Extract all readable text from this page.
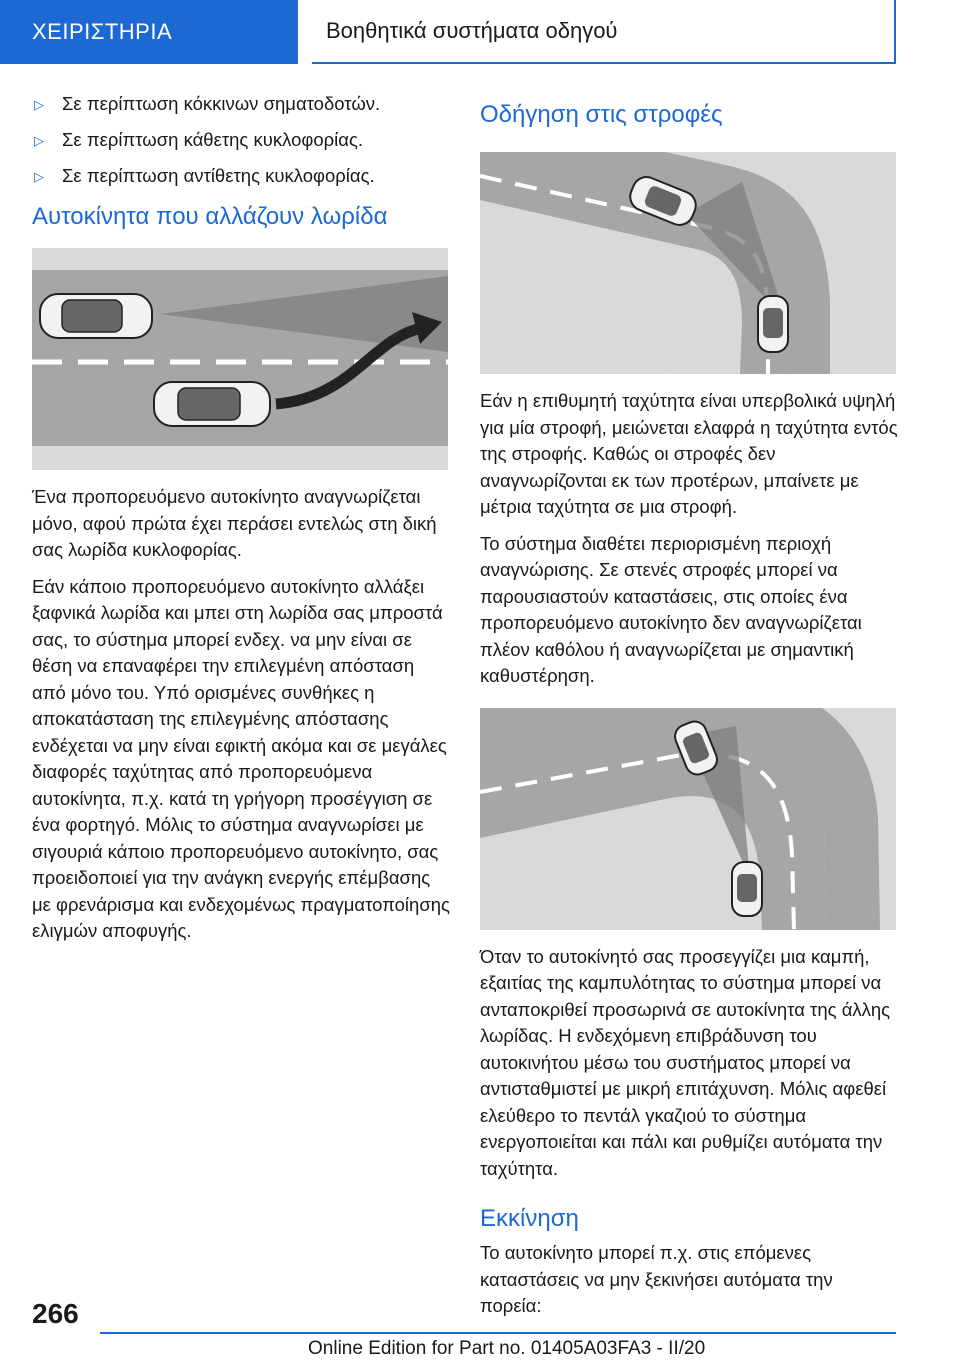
ΧΕΙΡΙΣΤΗΡΙΑ	Βοηθητικά συστήματα οδηγού
▷ Σε περίπτωση κόκκινων σηματοδοτών.
▷ Σε περίπτωση κάθετης κυκλοφορίας.
▷ Σε περίπτωση αντίθετης κυκλοφορίας.
Αυτοκίνητα που αλλάζουν λωρίδα

Ένα προπορευόμενο αυτοκίνητο αναγνωρίζεται μόνο, αφού πρώτα έχει περάσει εντελώς στη δική σας λωρίδα κυκλοφορίας.

Εάν κάποιο προπορευόμενο αυτοκίνητο αλλάξει ξαφνικά λωρίδα και μπει στη λωρίδα σας μπροστά σας, το σύστημα μπορεί ενδεχ. να μην είναι σε θέση να επαναφέρει την επιλεγμένη απόσταση από μόνο του. Υπό ορισμένες συνθήκες η αποκατάσταση της επιλεγμένης απόστασης ενδέχεται να μην είναι εφικτή ακόμα και σε μεγάλες διαφορές ταχύτητας από προπορευόμενα αυτοκίνητα, π.χ. κατά τη γρήγορη προσέγγιση σε ένα φορτηγό. Μόλις το σύστημα αναγνωρίσει με σιγουριά κάποιο προπορευόμενο αυτοκίνητο, σας προειδοποιεί για την ανάγκη ενεργής επέμβασης με φρενάρισμα και ενδεχομένως πραγματοποίησης ελιγμών αποφυγής.

Οδήγηση στις στροφές

Εάν η επιθυμητή ταχύτητα είναι υπερβολικά υψηλή για μία στροφή, μειώνεται ελαφρά η ταχύτητα εντός της στροφής. Καθώς οι στροφές δεν αναγνωρίζονται εκ των προτέρων, μπαίνετε με μέτρια ταχύτητα σε μια στροφή.

Το σύστημα διαθέτει περιορισμένη περιοχή αναγνώρισης. Σε στενές στροφές μπορεί να παρουσιαστούν καταστάσεις, στις οποίες ένα προπορευόμενο αυτοκίνητο δεν αναγνωρίζεται πλέον καθόλου ή αναγνωρίζεται με σημαντική καθυστέρηση.

Όταν το αυτοκίνητό σας προσεγγίζει μια καμπή, εξαιτίας της καμπυλότητας το σύστημα μπορεί να ανταποκριθεί προσωρινά σε αυτοκίνητα της άλλης λωρίδας. Η ενδεχόμενη επιβράδυνση του αυτοκινήτου μέσω του συστήματος μπορεί να αντισταθμιστεί με μικρή επιτάχυνση. Μόλις αφεθεί ελεύθερο το πεντάλ γκαζιού το σύστημα ενεργοποιείται και πάλι και ρυθμίζει αυτόματα την ταχύτητα.

Εκκίνηση

Το αυτοκίνητο μπορεί π.χ. στις επόμενες καταστάσεις να μην ξεκινήσει αυτόματα την πορεία:

266
Online Edition for Part no. 01405A03FA3 - II/20
